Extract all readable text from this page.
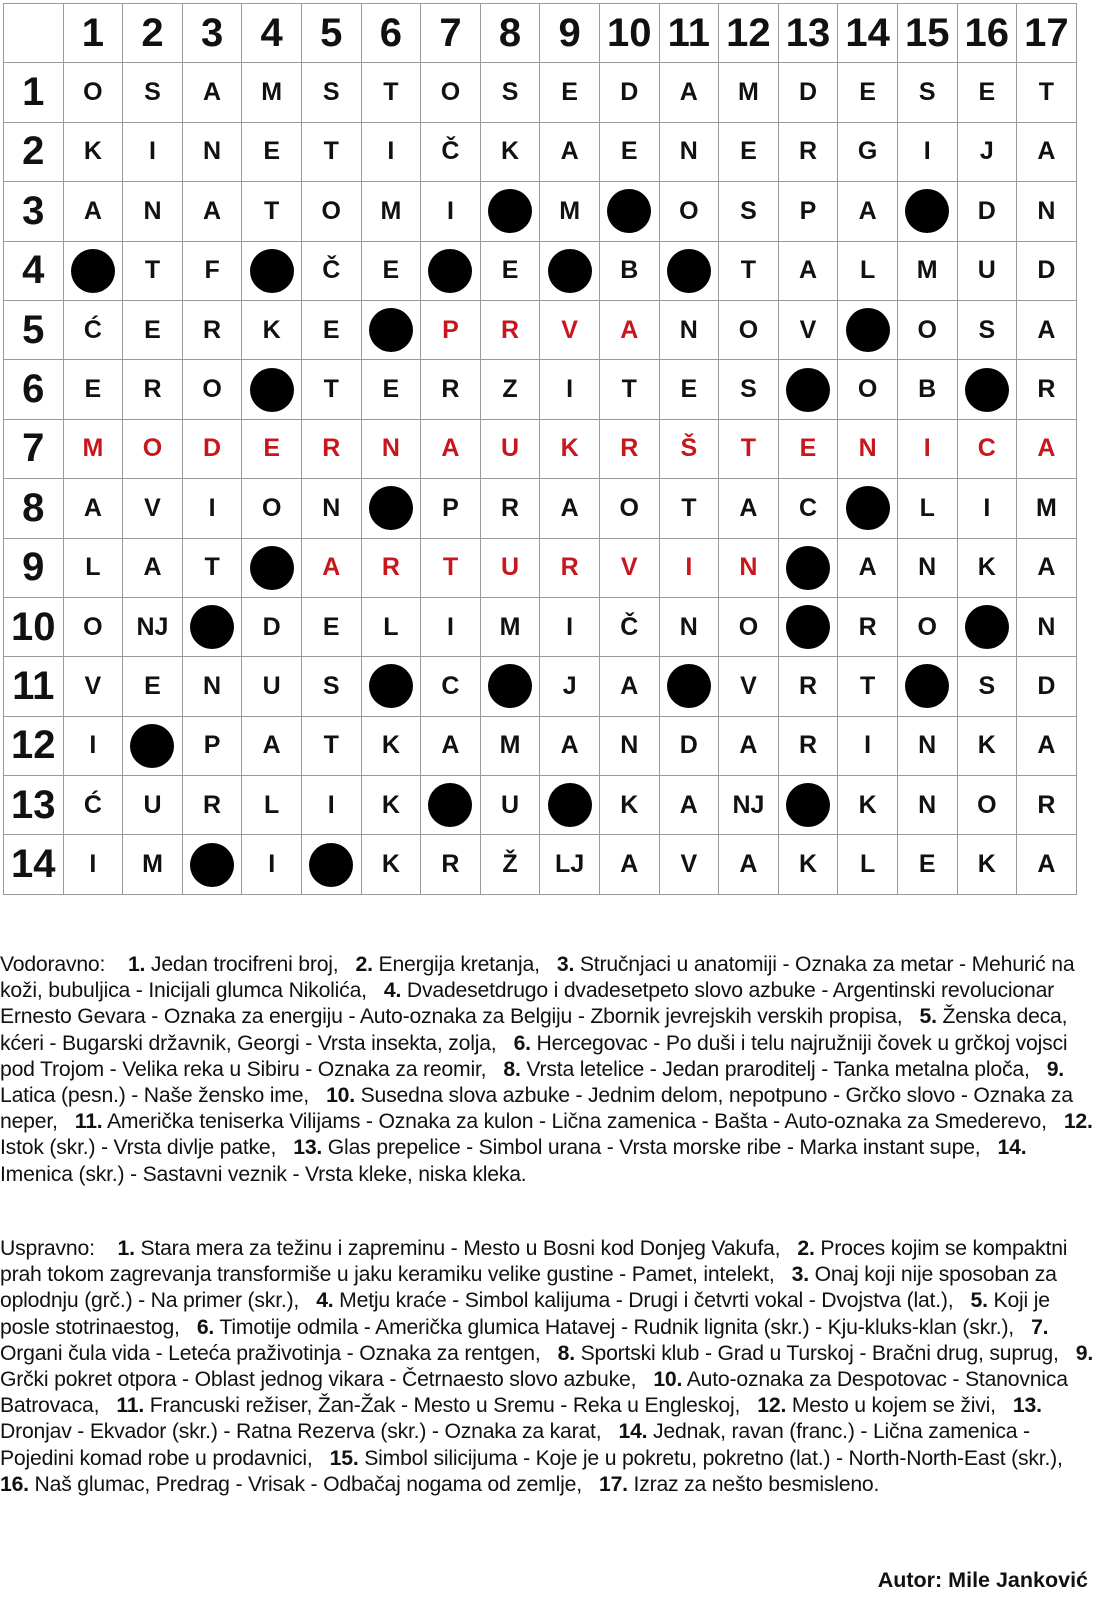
	1	2	3	4	5	6	7	8	9	10	11	12	13	14	15	16	17
1	O	S	A	M	S	T	O	S	E	D	A	M	D	E	S	E	T
2	K	I	N	E	T	I	Č	K	A	E	N	E	R	G	I	J	A
3	A	N	A	T	O	M	I		M		O	S	P	A		D	N
4		T	F		Č	E		E		B		T	A	L	M	U	D
5	Ć	E	R	K	E		P	R	V	A	N	O	V		O	S	A
6	E	R	O		T	E	R	Z	I	T	E	S		O	B		R
7	M	O	D	E	R	N	A	U	K	R	Š	T	E	N	I	C	A
8	A	V	I	O	N		P	R	A	O	T	A	C		L	I	M
9	L	A	T		A	R	T	U	R	V	I	N		A	N	K	A
10	O	NJ		D	E	L	I	M	I	Č	N	O		R	O		N
11	V	E	N	U	S		C		J	A		V	R	T		S	D
12	I		P	A	T	K	A	M	A	N	D	A	R	I	N	K	A
13	Ć	U	R	L	I	K		U		K	A	NJ		K	N	O	R
14	I	M		I		K	R	Ž	LJ	A	V	A	K	L	E	K	A
Vodoravno: 1. Jedan trocifreni broj, 2. Energija kretanja, 3. Stručnjaci u anatomiji - Oznaka za metar - Mehurić na koži, bubuljica - Inicijali glumca Nikolića, 4. Dvadesetdrugo i dvadesetpeto slovo azbuke - Argentinski revolucionar Ernesto Gevara - Oznaka za energiju - Auto-oznaka za Belgiju - Zbornik jevrejskih verskih propisa, 5. Ženska deca, kćeri - Bugarski državnik, Georgi - Vrsta insekta, zolja, 6. Hercegovac - Po duši i telu najružniji čovek u grčkoj vojsci pod Trojom - Velika reka u Sibiru - Oznaka za reomir, 8. Vrsta letelice - Jedan praroditelj - Tanka metalna ploča, 9. Latica (pesn.) - Naše žensko ime, 10. Susedna slova azbuke - Jednim delom, nepotpuno - Grčko slovo - Oznaka za neper, 11. Američka teniserka Vilijams - Oznaka za kulon - Lična zamenica - Bašta - Auto-oznaka za Smederevo, 12. Istok (skr.) - Vrsta divlje patke, 13. Glas prepelice - Simbol urana - Vrsta morske ribe - Marka instant supe, 14. Imenica (skr.) - Sastavni veznik - Vrsta kleke, niska kleka.
Uspravno: 1. Stara mera za težinu i zapreminu - Mesto u Bosni kod Donjeg Vakufa, 2. Proces kojim se kompaktni prah tokom zagrevanja transformiše u jaku keramiku velike gustine - Pamet, intelekt, 3. Onaj koji nije sposoban za oplodnju (grč.) - Na primer (skr.), 4. Metju kraće - Simbol kalijuma - Drugi i četvrti vokal - Dvojstva (lat.), 5. Koji je posle stotrinaestog, 6. Timotije odmila - Američka glumica Hatavej - Rudnik lignita (skr.) - Kju-kluks-klan (skr.), 7. Organi čula vida - Leteća praživotinja - Oznaka za rentgen, 8. Sportski klub - Grad u Turskoj - Bračni drug, suprug, 9. Grčki pokret otpora - Oblast jednog vikara - Četrnaesto slovo azbuke, 10. Auto-oznaka za Despotovac - Stanovnica Batrovaca, 11. Francuski režiser, Žan-Žak - Mesto u Sremu - Reka u Engleskoj, 12. Mesto u kojem se živi, 13. Dronjav - Ekvador (skr.) - Ratna Rezerva (skr.) - Oznaka za karat, 14. Jednak, ravan (franc.) - Lična zamenica - Pojedini komad robe u prodavnici, 15. Simbol silicijuma - Koje je u pokretu, pokretno (lat.) - North-North-East (skr.),   16. Naš glumac, Predrag - Vrisak - Odbačaj nogama od zemlje, 17. Izraz za nešto besmisleno.
Autor: Mile Janković
